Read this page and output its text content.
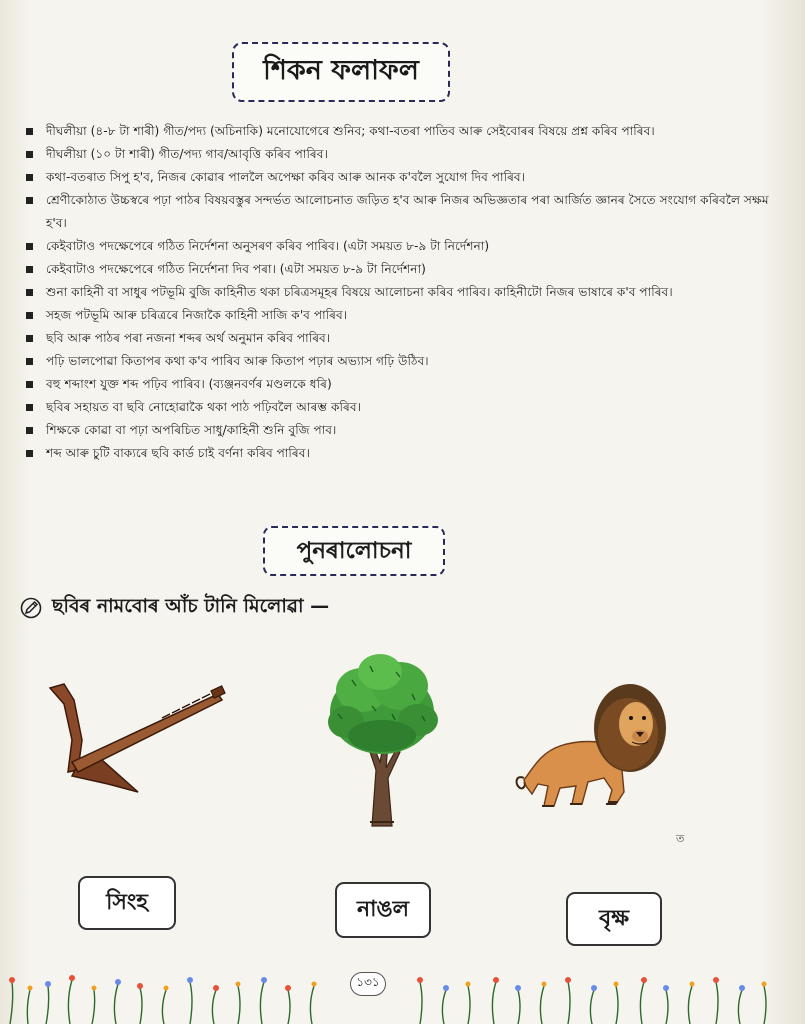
শিকন ফলাফল
দীঘলীয়া (৪-৮ টা শাৰী) গীত/পদ্য (অচিনাকি) মনোযোগেৰে শুনিব; কথা-বতৰা পাতিব আৰু সেইবোৰৰ বিষয়ে প্ৰশ্ন কৰিব পাৰিব।
দীঘলীয়া (১০ টা শাৰী) গীত/পদ্য গাব/আবৃত্তি কৰিব পাৰিব।
কথা-বতৰাত সিপু হ'ব, নিজৰ কোৱাৰ পাললৈ অপেক্ষা কৰিব আৰু আনক ক'বলৈ সুযোগ দিব পাৰিব।
শ্ৰেণীকোঠাত উচ্চস্বৰে পঢ়া পাঠৰ বিষয়বস্তুৰ সন্দৰ্ভত আলোচনাত জড়িত হ'ব আৰু নিজৰ অভিজ্ঞতাৰ পৰা আৰ্জিত জ্ঞানৰ সৈতে সংযোগ কৰিবলৈ সক্ষম হ'ব।
কেইবাটাও পদক্ষেপেৰে গঠিত নিৰ্দেশনা অনুসৰণ কৰিব পাৰিব। (এটা সময়ত ৮-৯ টা নিৰ্দেশনা)
কেইবাটাও পদক্ষেপেৰে গঠিত নিৰ্দেশনা দিব পৰা। (এটা সময়ত ৮-৯ টা নিৰ্দেশনা)
শুনা কাহিনী বা সাধুৰ পটভূমি বুজি কাহিনীত থকা চৰিত্ৰসমূহৰ বিষয়ে আলোচনা কৰিব পাৰিব। কাহিনীটো নিজৰ ভাষাৰে ক'ব পাৰিব।
সহজ পটভূমি আৰু চৰিত্ৰৰে নিজাকৈ কাহিনী সাজি ক'ব পাৰিব।
ছবি আৰু পাঠৰ পৰা নজনা শব্দৰ অৰ্থ অনুমান কৰিব পাৰিব।
পঢ়ি ভালপোৱা কিতাপৰ কথা ক'ব পাৰিব আৰু কিতাপ পঢ়াৰ অভ্যাস গঢ়ি উঠিব।
বহু শব্দাংশ যুক্ত শব্দ পঢ়িব পাৰিব। (ব্যঞ্জনবৰ্ণৰ মণ্ডলকে ধৰি)
ছবিৰ সহায়ত বা ছবি নোহোৱাকৈ থকা পাঠ পঢ়িবলৈ আৰম্ভ কৰিব।
শিক্ষকে কোৱা বা পঢ়া অপৰিচিত সাধু/কাহিনী শুনি বুজি পাব।
শব্দ আৰু চুটি বাক্যৰে ছবি কাৰ্ড চাই বৰ্ণনা কৰিব পাৰিব।
পুনৰালোচনা
ছবিৰ নামবোৰ আঁচ টানি মিলোৱা —
সিংহ	নাঙল	বৃক্ষ
ত
১৩১
